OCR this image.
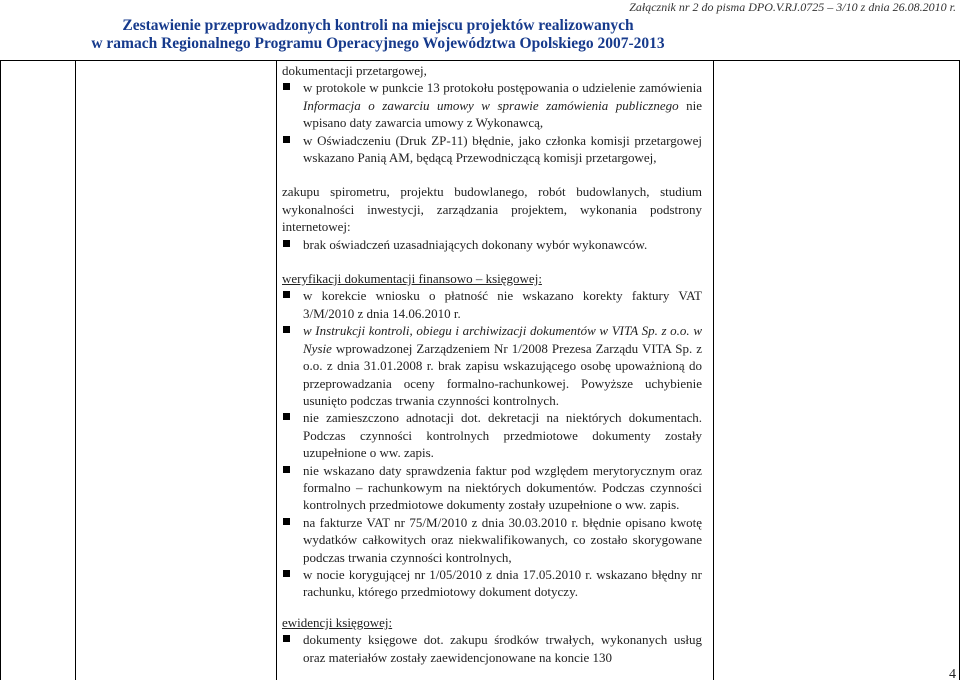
Załącznik nr 2 do pisma DPO.V.RJ.0725 – 3/10 z dnia 26.08.2010 r.
Zestawienie przeprowadzonych kontroli na miejscu projektów realizowanych
w ramach Regionalnego Programu Operacyjnego Województwa Opolskiego 2007-2013

dokumentacji przetargowej,

w protokole w punkcie 13 protokołu postępowania o udzielenie zamówienia Informacja o zawarciu umowy w sprawie zamówienia publicznego nie wpisano daty zawarcia umowy z Wykonawcą,

w Oświadczeniu (Druk ZP-11) błędnie, jako członka komisji przetargowej wskazano Panią AM, będącą Przewodniczącą komisji przetargowej,

zakupu spirometru, projektu budowlanego, robót budowlanych, studium wykonalności inwestycji, zarządzania projektem, wykonania podstrony internetowej:

brak oświadczeń uzasadniających dokonany wybór wykonawców.

weryfikacji dokumentacji finansowo – księgowej:

w korekcie wniosku o płatność nie wskazano korekty faktury VAT 3/M/2010 z dnia 14.06.2010 r.

w Instrukcji kontroli, obiegu i archiwizacji dokumentów w VITA Sp. z o.o. w Nysie wprowadzonej Zarządzeniem Nr 1/2008 Prezesa Zarządu VITA Sp. z o.o. z dnia 31.01.2008 r. brak zapisu wskazującego osobę upoważnioną do przeprowadzania oceny formalno-rachunkowej. Powyższe uchybienie usunięto podczas trwania czynności kontrolnych.

nie zamieszczono adnotacji dot. dekretacji na niektórych dokumentach. Podczas czynności kontrolnych przedmiotowe dokumenty zostały uzupełnione o ww. zapis.

nie wskazano daty sprawdzenia faktur pod względem merytorycznym oraz formalno – rachunkowym na niektórych dokumentów. Podczas czynności kontrolnych przedmiotowe dokumenty zostały uzupełnione o ww. zapis.

na fakturze VAT nr 75/M/2010 z dnia 30.03.2010 r. błędnie opisano kwotę wydatków całkowitych oraz niekwalifikowanych, co zostało skorygowane podczas trwania czynności kontrolnych,

w nocie korygującej nr 1/05/2010 z dnia 17.05.2010 r. wskazano błędny nr rachunku, którego przedmiotowy dokument dotyczy.

ewidencji księgowej:

dokumenty księgowe dot. zakupu środków trwałych, wykonanych usług oraz materiałów zostały zaewidencjonowane na koncie 130

4
